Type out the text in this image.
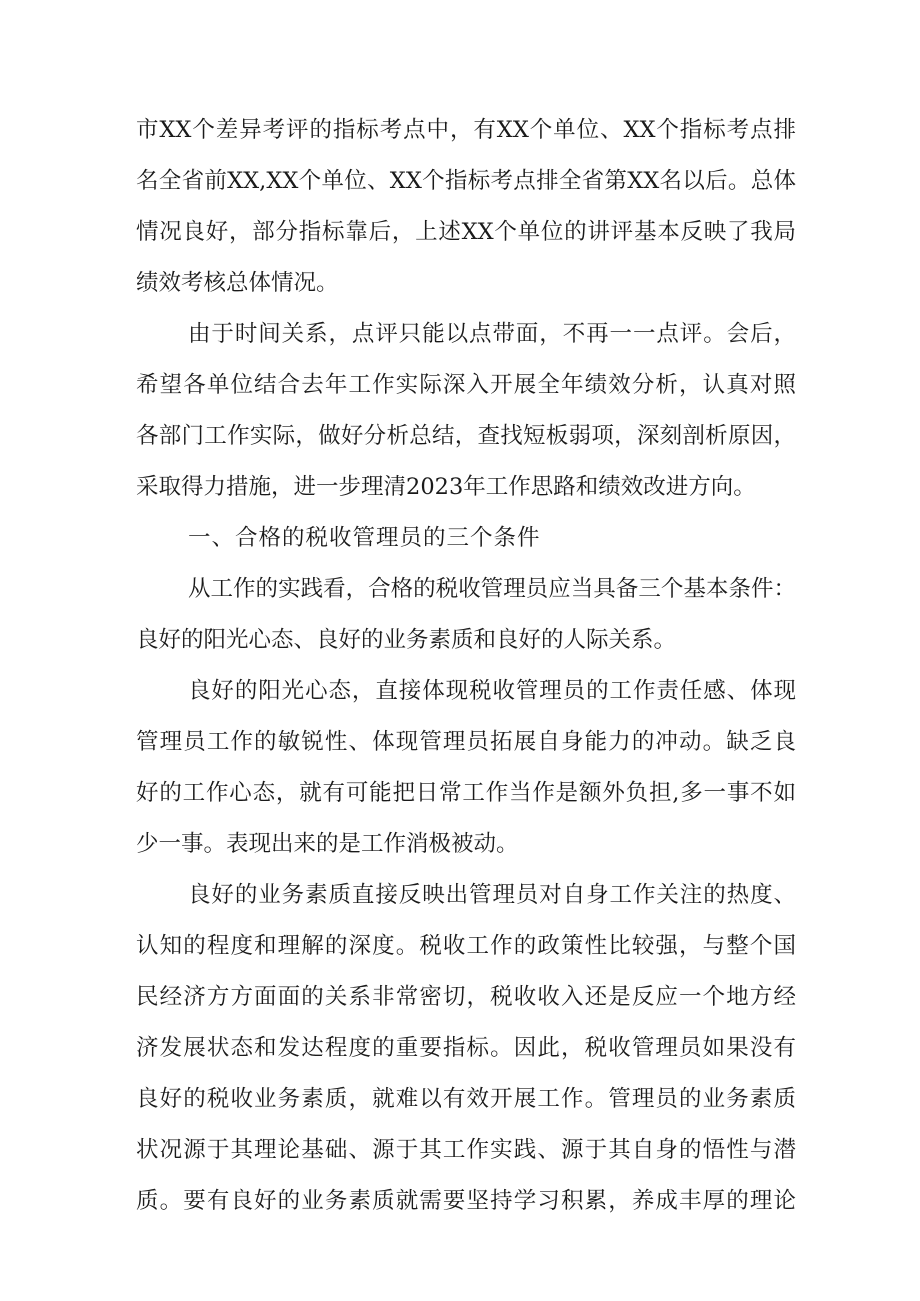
市XX个差异考评的指标考点中，有XX个单位、XX个指标考点排
名全省前XX,XX个单位、XX个指标考点排全省第XX名以后。总体
情况良好，部分指标靠后，上述XX个单位的讲评基本反映了我局
绩效考核总体情况。
由于时间关系，点评只能以点带面，不再一一点评。会后，
希望各单位结合去年工作实际深入开展全年绩效分析，认真对照
各部门工作实际，做好分析总结，查找短板弱项，深刻剖析原因，
采取得力措施，进一步理清2023年工作思路和绩效改进方向。
一、合格的税收管理员的三个条件
从工作的实践看，合格的税收管理员应当具备三个基本条件：
良好的阳光心态、良好的业务素质和良好的人际关系。
良好的阳光心态，直接体现税收管理员的工作责任感、体现
管理员工作的敏锐性、体现管理员拓展自身能力的冲动。缺乏良
好的工作心态，就有可能把日常工作当作是额外负担,多一事不如
少一事。表现出来的是工作消极被动。
良好的业务素质直接反映出管理员对自身工作关注的热度、
认知的程度和理解的深度。税收工作的政策性比较强，与整个国
民经济方方面面的关系非常密切，税收收入还是反应一个地方经
济发展状态和发达程度的重要指标。因此，税收管理员如果没有
良好的税收业务素质，就难以有效开展工作。管理员的业务素质
状况源于其理论基础、源于其工作实践、源于其自身的悟性与潜
质。要有良好的业务素质就需要坚持学习积累，养成丰厚的理论
